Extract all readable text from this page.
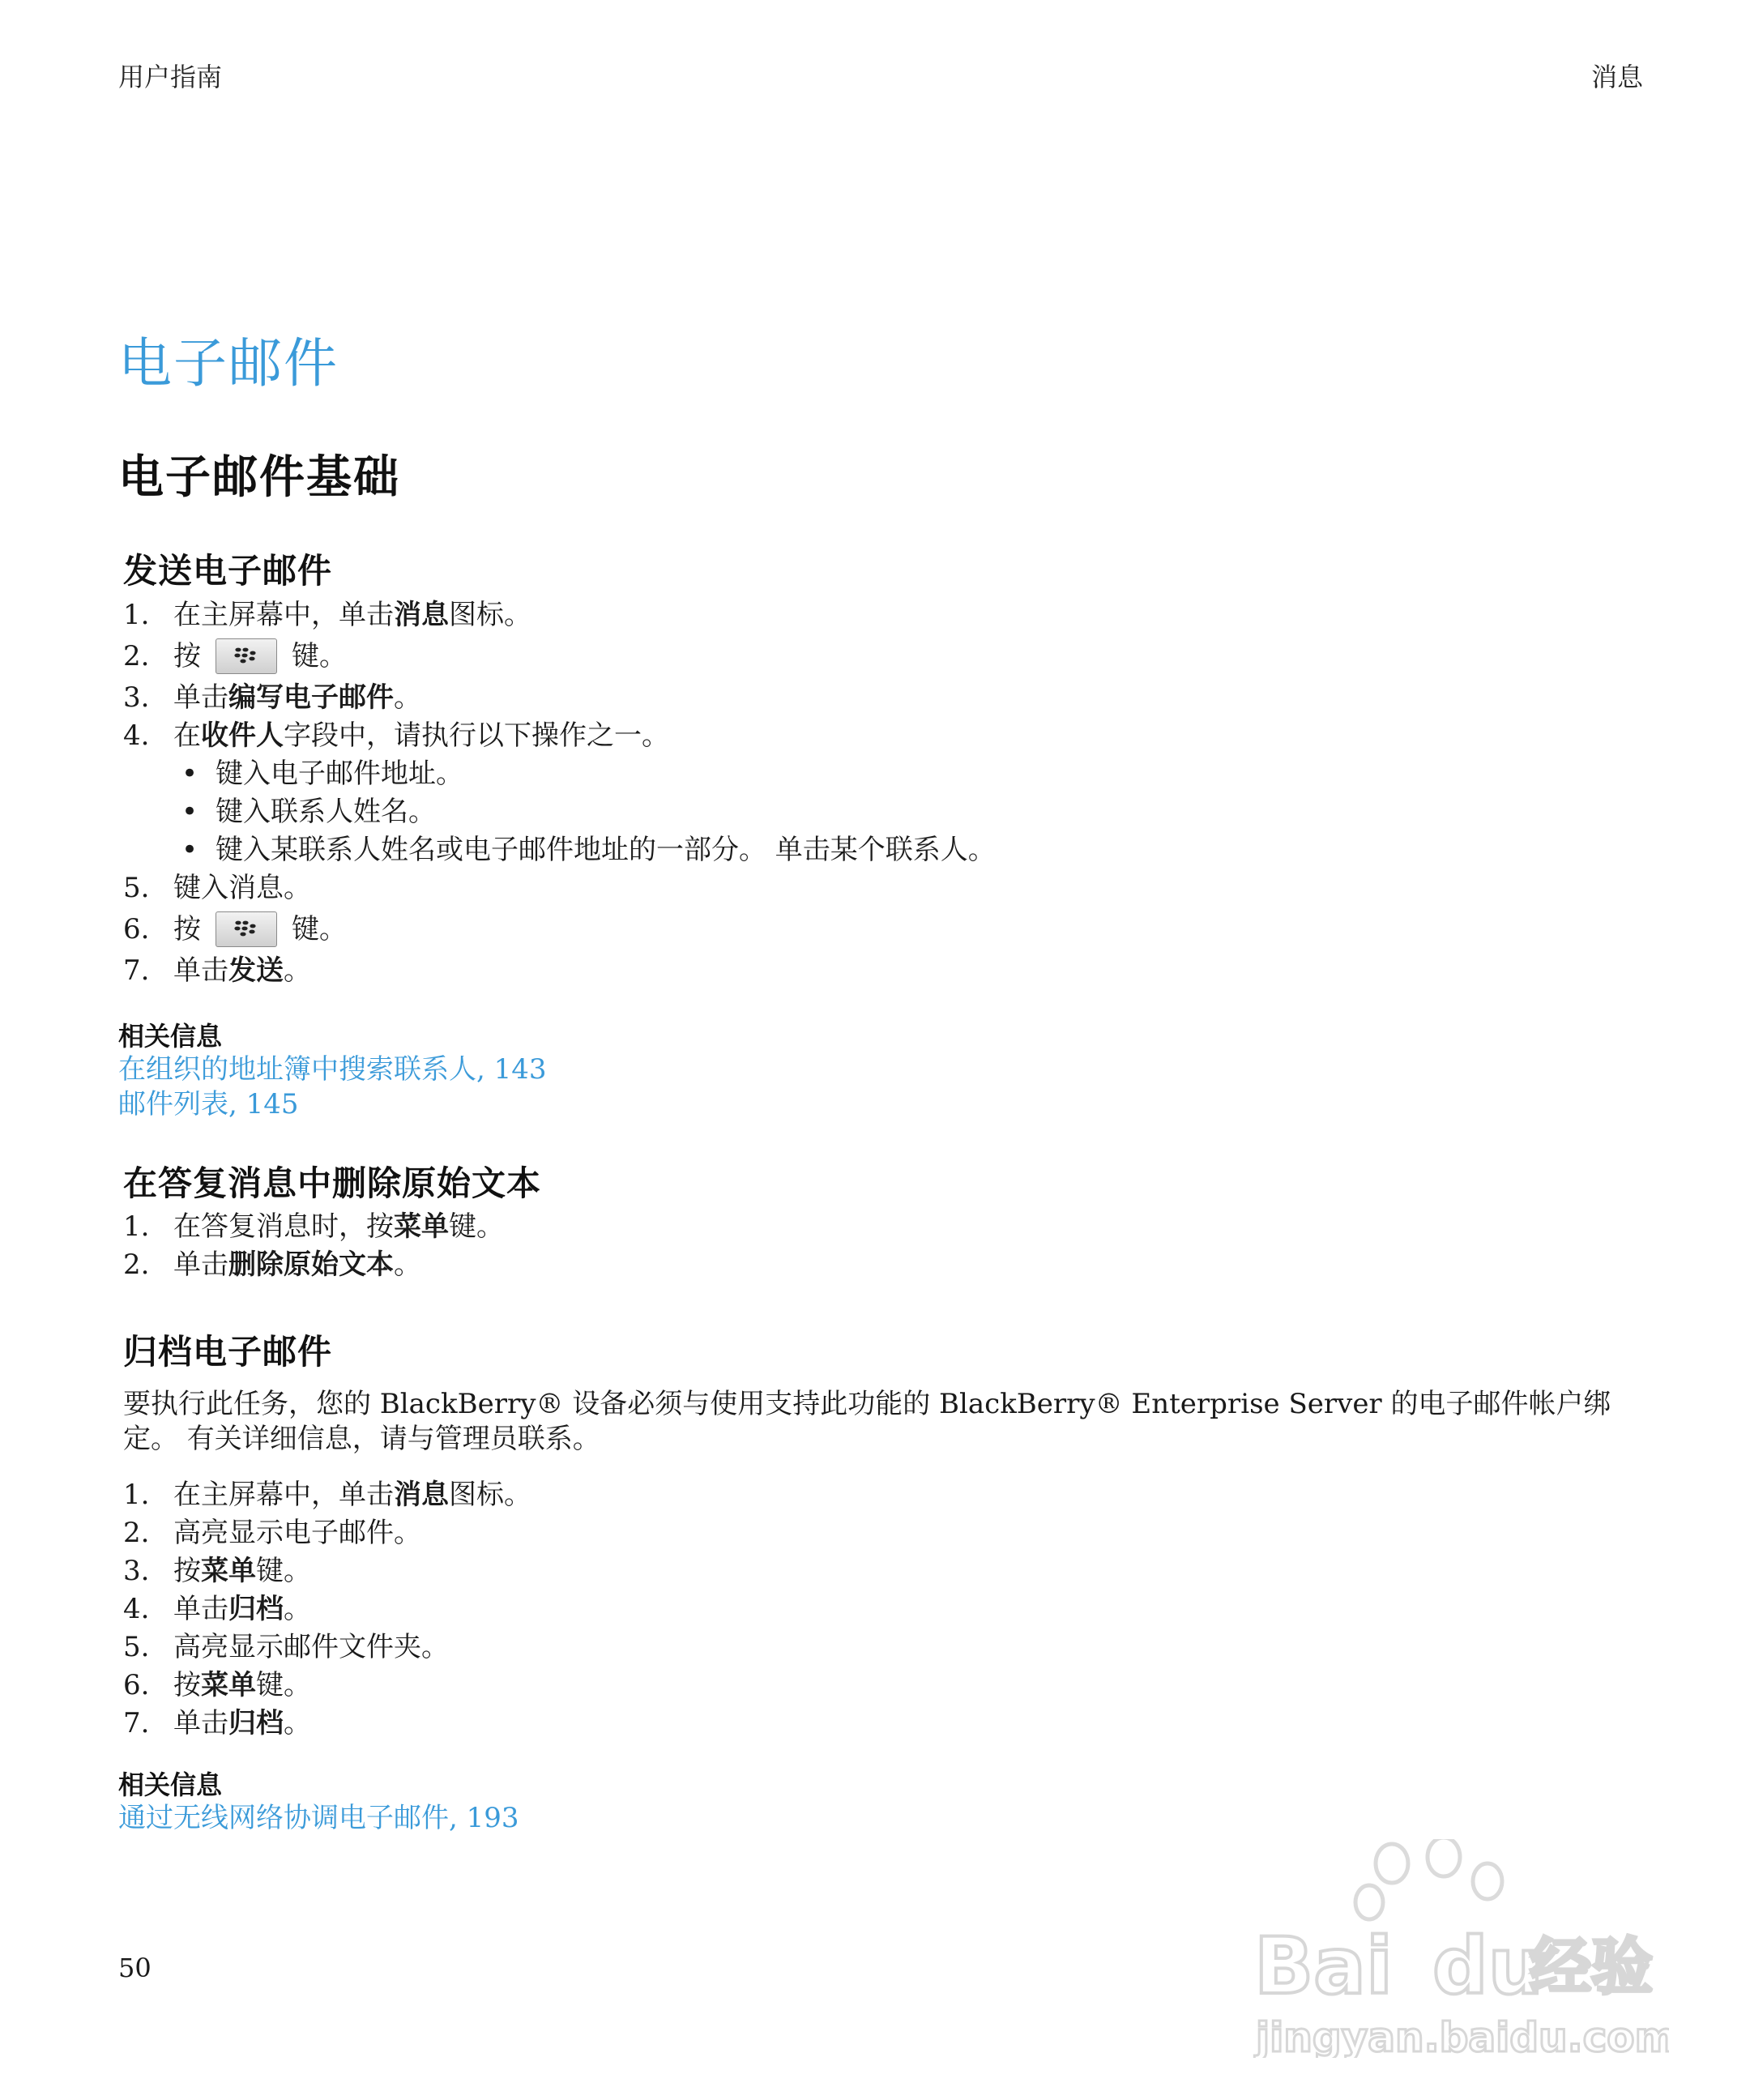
用户指南	消息
电子邮件
电子邮件基础
发送电子邮件
1. 在主屏幕中，单击消息图标。
2. 按	键。
3. 单击编写电子邮件。
4. 在收件人字段中，请执行以下操作之一。
• 键入电子邮件地址。
• 键入联系人姓名。
• 键入某联系人姓名或电子邮件地址的一部分。 单击某个联系人。
5. 键入消息。
6. 按	键。
7. 单击发送。
相关信息
在组织的地址簿中搜索联系人, 143
邮件列表, 145
在答复消息中删除原始文本
1. 在答复消息时，按菜单键。
2. 单击删除原始文本。
归档电子邮件
要执行此任务，您的 BlackBerry® 设备必须与使用支持此功能的 BlackBerry® Enterprise Server 的电子邮件帐户绑定。 有关详细信息，请与管理员联系。
1. 在主屏幕中，单击消息图标。
2. 高亮显示电子邮件。
3. 按菜单键。
4. 单击归档。
5. 高亮显示邮件文件夹。
6. 按菜单键。
7. 单击归档。
相关信息
通过无线网络协调电子邮件, 193
50	Bai du
经验
jingyan.baidu.com
